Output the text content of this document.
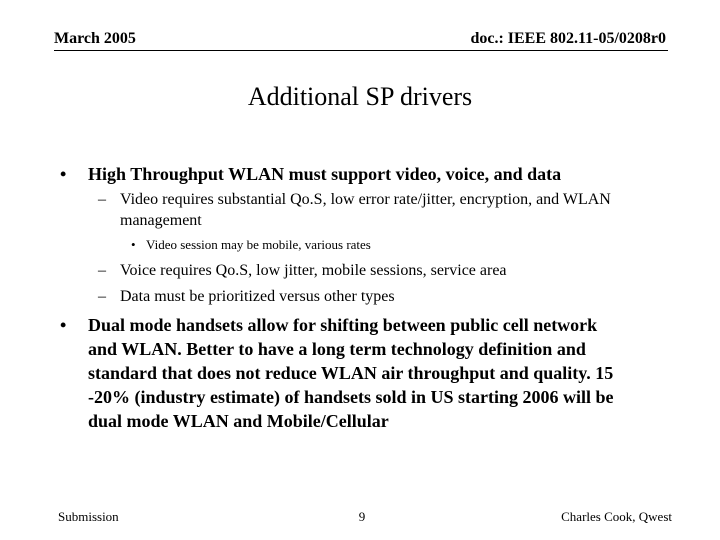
March 2005	doc.: IEEE 802.11-05/0208r0
Additional SP drivers
• High Throughput WLAN must support video, voice, and data
– Video requires substantial Qo.S, low error rate/jitter, encryption, and WLAN
management
• Video session may be mobile, various rates
– Voice requires Qo.S, low jitter, mobile sessions, service area
– Data must be prioritized versus other types
• Dual mode handsets allow for shifting between public cell network
and WLAN. Better to have a long term technology definition and
standard that does not reduce WLAN air throughput and quality. 15
-20% (industry estimate) of handsets sold in US starting 2006 will be
dual mode WLAN and Mobile/Cellular
Submission	9	Charles Cook, Qwest
